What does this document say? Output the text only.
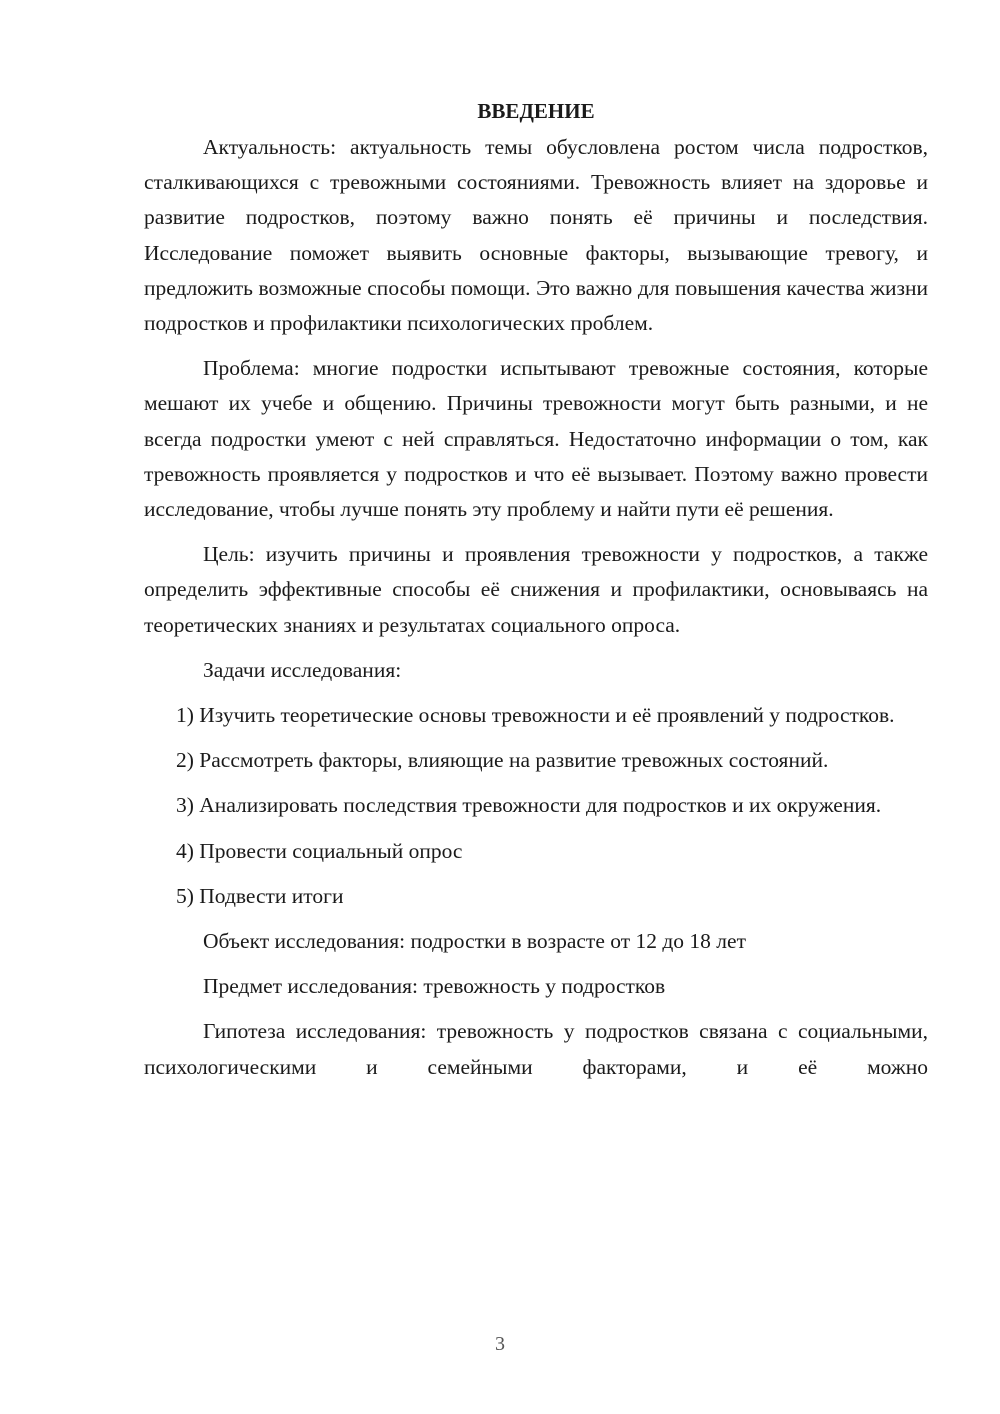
ВВЕДЕНИЕ

Актуальность: актуальность темы обусловлена ростом числа подростков, сталкивающихся с тревожными состояниями. Тревожность влияет на здоровье и развитие подростков, поэтому важно понять её причины и последствия. Исследование поможет выявить основные факторы, вызывающие тревогу, и предложить возможные способы помощи. Это важно для повышения качества жизни подростков и профилактики психологических проблем.

Проблема: многие подростки испытывают тревожные состояния, которые мешают их учебе и общению. Причины тревожности могут быть разными, и не всегда подростки умеют с ней справляться. Недостаточно информации о том, как тревожность проявляется у подростков и что её вызывает. Поэтому важно провести исследование, чтобы лучше понять эту проблему и найти пути её решения.

Цель: изучить причины и проявления тревожности у подростков, а также определить эффективные способы её снижения и профилактики, основываясь на теоретических знаниях и результатах социального опроса.

Задачи исследования:

1) Изучить теоретические основы тревожности и её проявлений у подростков.

2) Рассмотреть факторы, влияющие на развитие тревожных состояний.

3) Анализировать последствия тревожности для подростков и их окружения.

4) Провести социальный опрос

5) Подвести итоги

Объект исследования: подростки в возрасте от 12 до 18 лет

Предмет исследования: тревожность у подростков

Гипотеза исследования: тревожность у подростков связана с социальными, психологическими и семейными факторами, и её можно

3
